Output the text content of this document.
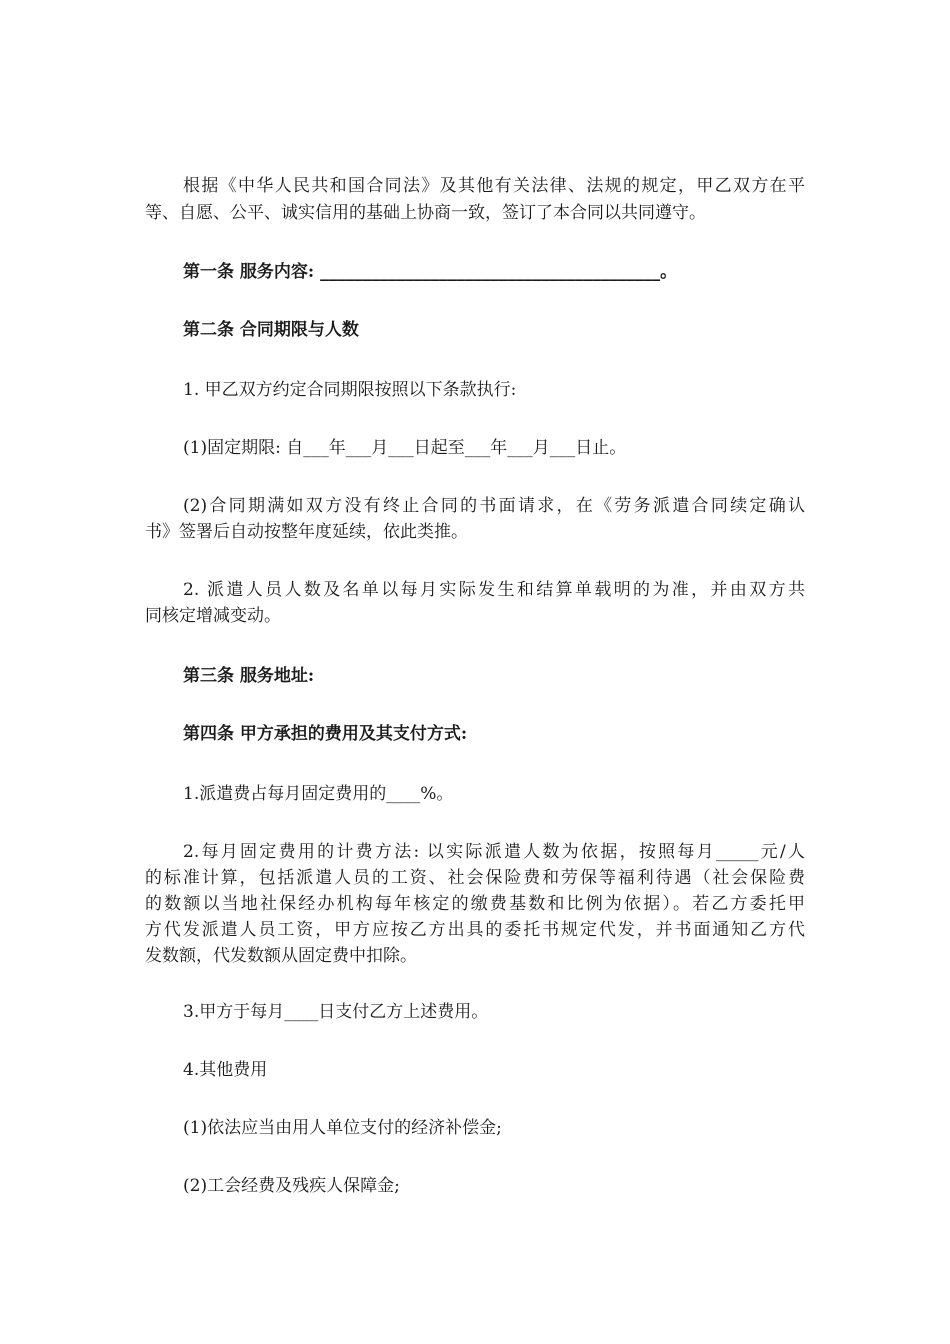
根据《中华人民共和国合同法》及其他有关法律、法规的规定，甲乙双方在平
等、自愿、公平、诚实信用的基础上协商一致，签订了本合同以共同遵守。
第一条 服务内容: ________________________________________。
第二条 合同期限与人数
1. 甲乙双方约定合同期限按照以下条款执行:
(1)固定期限: 自___年___月___日起至___年___月___日止。
(2)合同期满如双方没有终止合同的书面请求，在《劳务派遣合同续定确认
书》签署后自动按整年度延续，依此类推。
2. 派遣人员人数及名单以每月实际发生和结算单载明的为准，并由双方共
同核定增减变动。
第三条 服务地址:
第四条 甲方承担的费用及其支付方式:
1.派遣费占每月固定费用的____%。
2.每月固定费用的计费方法: 以实际派遣人数为依据，按照每月_____元/人
的标准计算，包括派遣人员的工资、社会保险费和劳保等福利待遇（社会保险费
的数额以当地社保经办机构每年核定的缴费基数和比例为依据）。若乙方委托甲
方代发派遣人员工资，甲方应按乙方出具的委托书规定代发，并书面通知乙方代
发数额，代发数额从固定费中扣除。
3.甲方于每月____日支付乙方上述费用。
4.其他费用
(1)依法应当由用人单位支付的经济补偿金;
(2)工会经费及残疾人保障金;
